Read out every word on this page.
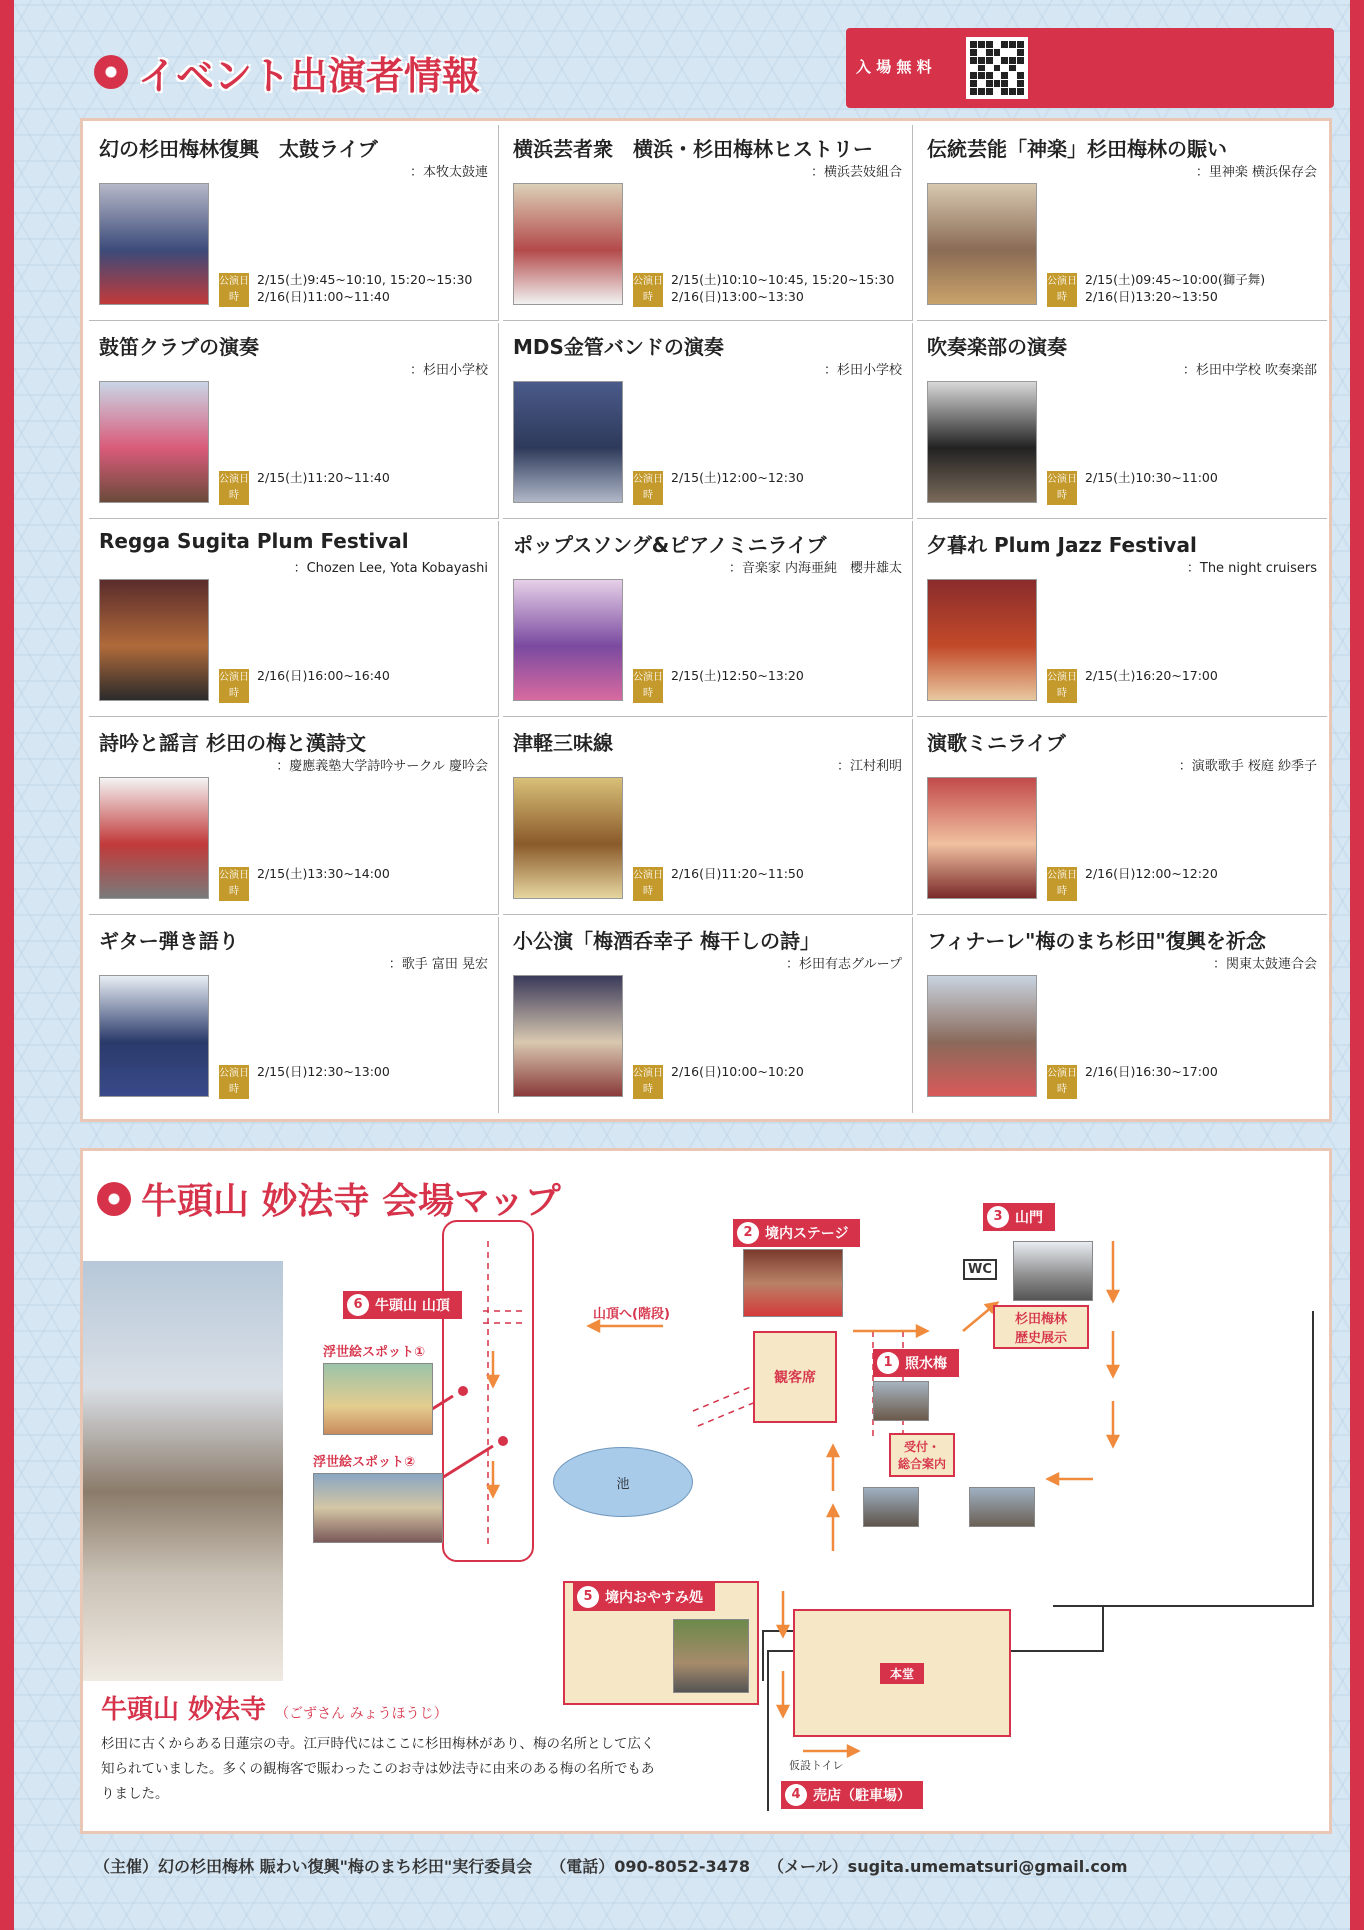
イベント出演者情報	入 場 無 料
幻の杉田梅林復興　太鼓ライブ
：本牧太鼓連
公演日時
2/15(土)9:45~10:10, 15:20~15:30
2/16(日)11:00~11:40
横浜芸者衆　横浜・杉田梅林ヒストリー
：横浜芸妓組合
公演日時
2/15(土)10:10~10:45, 15:20~15:30
2/16(日)13:00~13:30
伝統芸能「神楽」杉田梅林の賑い
：里神楽 横浜保存会
公演日時
2/15(土)09:45~10:00(獅子舞)
2/16(日)13:20~13:50
鼓笛クラブの演奏
：杉田小学校
公演日時
2/15(土)11:20~11:40
MDS金管バンドの演奏
：杉田小学校
公演日時
2/15(土)12:00~12:30
吹奏楽部の演奏
：杉田中学校 吹奏楽部
公演日時
2/15(土)10:30~11:00
Regga Sugita Plum Festival
：Chozen Lee, Yota Kobayashi
公演日時
2/16(日)16:00~16:40
ポップスソング&ピアノミニライブ
：音楽家 内海亜純　櫻井雄太
公演日時
2/15(土)12:50~13:20
夕暮れ Plum Jazz Festival
：The night cruisers
公演日時
2/15(土)16:20~17:00
詩吟と謡言 杉田の梅と漢詩文
：慶應義塾大学詩吟サークル 慶吟会
公演日時
2/15(土)13:30~14:00
津軽三味線
：江村利明
公演日時
2/16(日)11:20~11:50
演歌ミニライブ
：演歌歌手 桜庭 紗季子
公演日時
2/16(日)12:00~12:20
ギター弾き語り
：歌手 富田 晃宏
公演日時
2/15(日)12:30~13:00
小公演「梅酒呑幸子 梅干しの詩」
：杉田有志グループ
公演日時
2/16(日)10:00~10:20
フィナーレ"梅のまち杉田"復興を祈念
：関東太鼓連合会
公演日時
2/16(日)16:30~17:00
牛頭山 妙法寺 会場マップ
牛頭山 妙法寺 （ごずさん みょうほうじ）
杉田に古くからある日蓮宗の寺。江戸時代にはここに杉田梅林があり、梅の名所として広く知られていました。多くの観梅客で賑わったこのお寺は妙法寺に由来のある梅の名所でもありました。
6 牛頭山 山頂
浮世絵スポット①
浮世絵スポット②
山頂へ(階段)
2 境内ステージ
観客席
3 山門
WC
杉田梅林
歴史展示
1 照水梅
受付・
総合案内
池
5 境内おやすみ処
本堂
仮設トイレ
4 売店（駐車場）
（主催）幻の杉田梅林 賑わい復興"梅のまち杉田"実行委員会 （電話）090-8052-3478 （メール）sugita.umematsuri@gmail.com
